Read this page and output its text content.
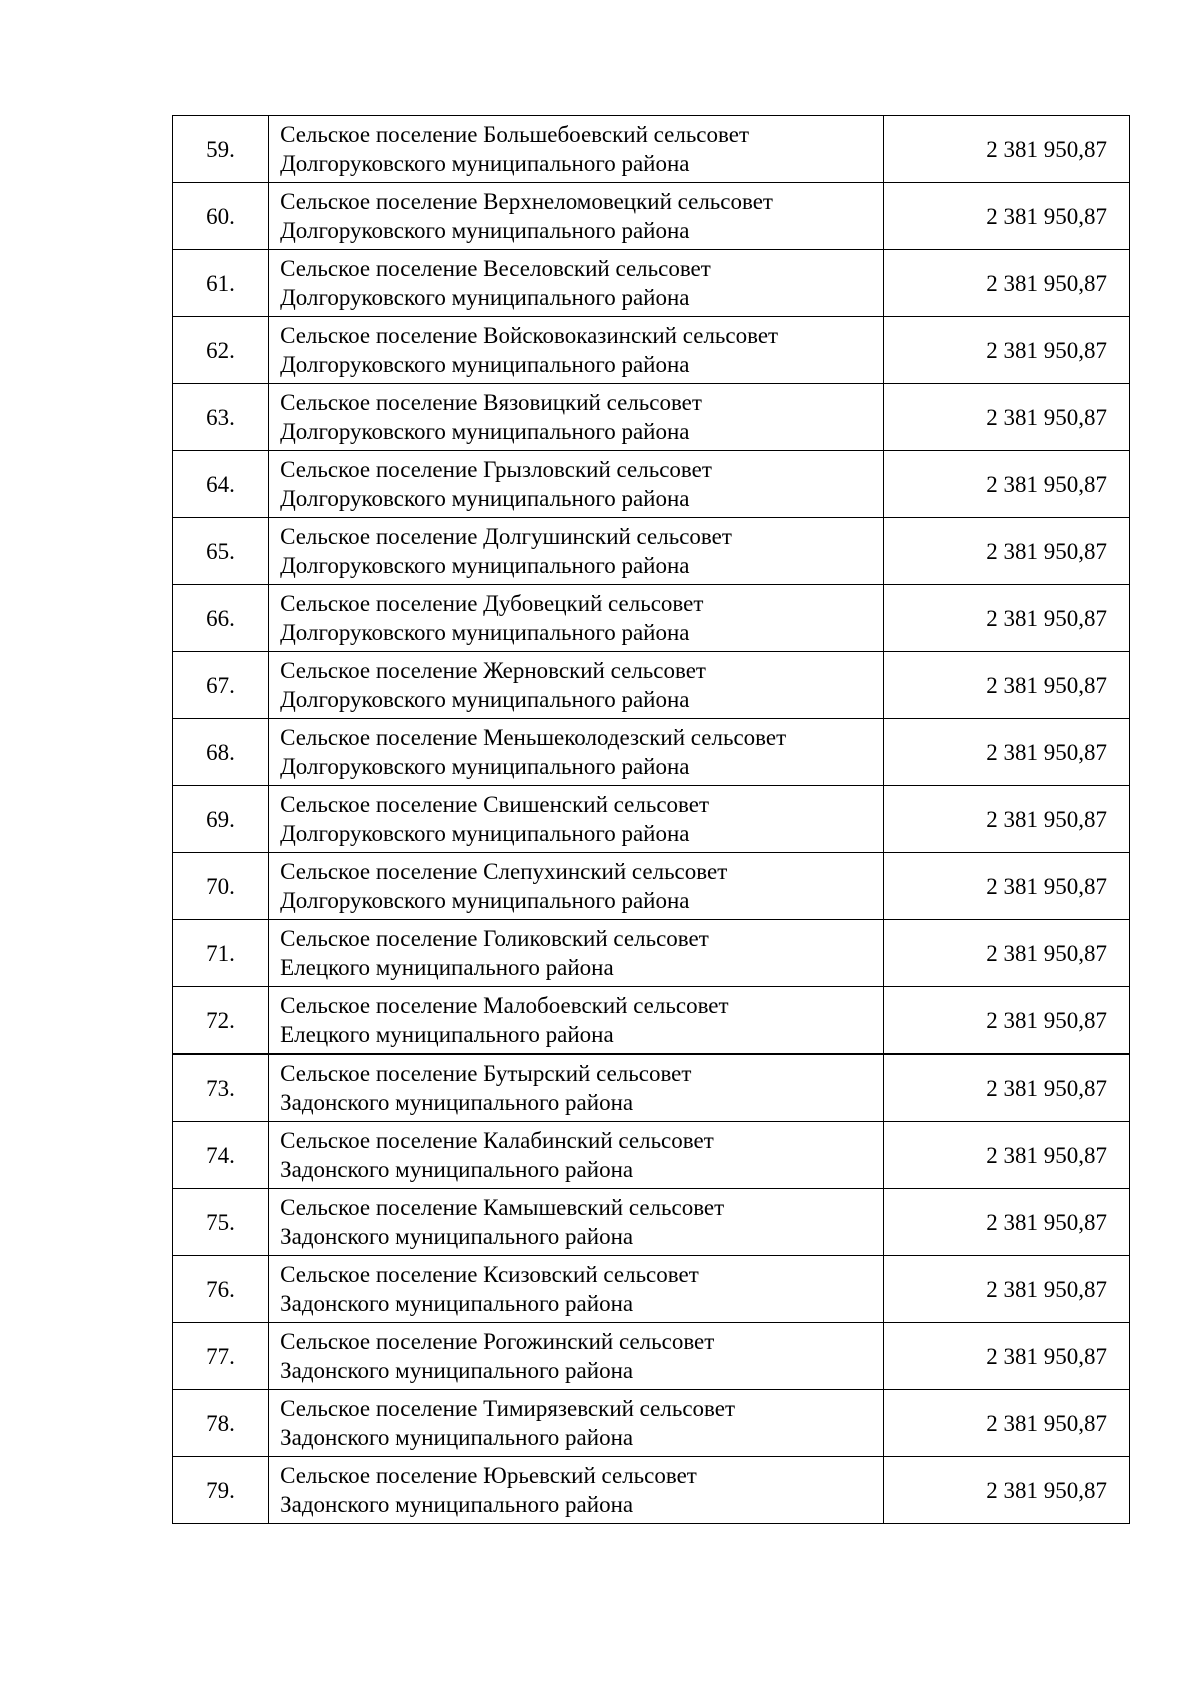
59.	Сельское поселение Большебоевский сельсовет
Долгоруковского муниципального района	2 381 950,87
60.	Сельское поселение Верхнеломовецкий сельсовет
Долгоруковского муниципального района	2 381 950,87
61.	Сельское поселение Веселовский сельсовет
Долгоруковского муниципального района	2 381 950,87
62.	Сельское поселение Войсковоказинский сельсовет
Долгоруковского муниципального района	2 381 950,87
63.	Сельское поселение Вязовицкий сельсовет
Долгоруковского муниципального района	2 381 950,87
64.	Сельское поселение Грызловский сельсовет
Долгоруковского муниципального района	2 381 950,87
65.	Сельское поселение Долгушинский сельсовет
Долгоруковского муниципального района	2 381 950,87
66.	Сельское поселение Дубовецкий сельсовет
Долгоруковского муниципального района	2 381 950,87
67.	Сельское поселение Жерновский сельсовет
Долгоруковского муниципального района	2 381 950,87
68.	Сельское поселение Меньшеколодезский сельсовет
Долгоруковского муниципального района	2 381 950,87
69.	Сельское поселение Свишенский сельсовет
Долгоруковского муниципального района	2 381 950,87
70.	Сельское поселение Слепухинский сельсовет
Долгоруковского муниципального района	2 381 950,87
71.	Сельское поселение Голиковский сельсовет
Елецкого муниципального района	2 381 950,87
72.	Сельское поселение Малобоевский сельсовет
Елецкого муниципального района	2 381 950,87
73.	Сельское поселение Бутырский сельсовет
Задонского муниципального района	2 381 950,87
74.	Сельское поселение Калабинский сельсовет
Задонского муниципального района	2 381 950,87
75.	Сельское поселение Камышевский сельсовет
Задонского муниципального района	2 381 950,87
76.	Сельское поселение Ксизовский сельсовет
Задонского муниципального района	2 381 950,87
77.	Сельское поселение Рогожинский сельсовет
Задонского муниципального района	2 381 950,87
78.	Сельское поселение Тимирязевский сельсовет
Задонского муниципального района	2 381 950,87
79.	Сельское поселение Юрьевский сельсовет
Задонского муниципального района	2 381 950,87
